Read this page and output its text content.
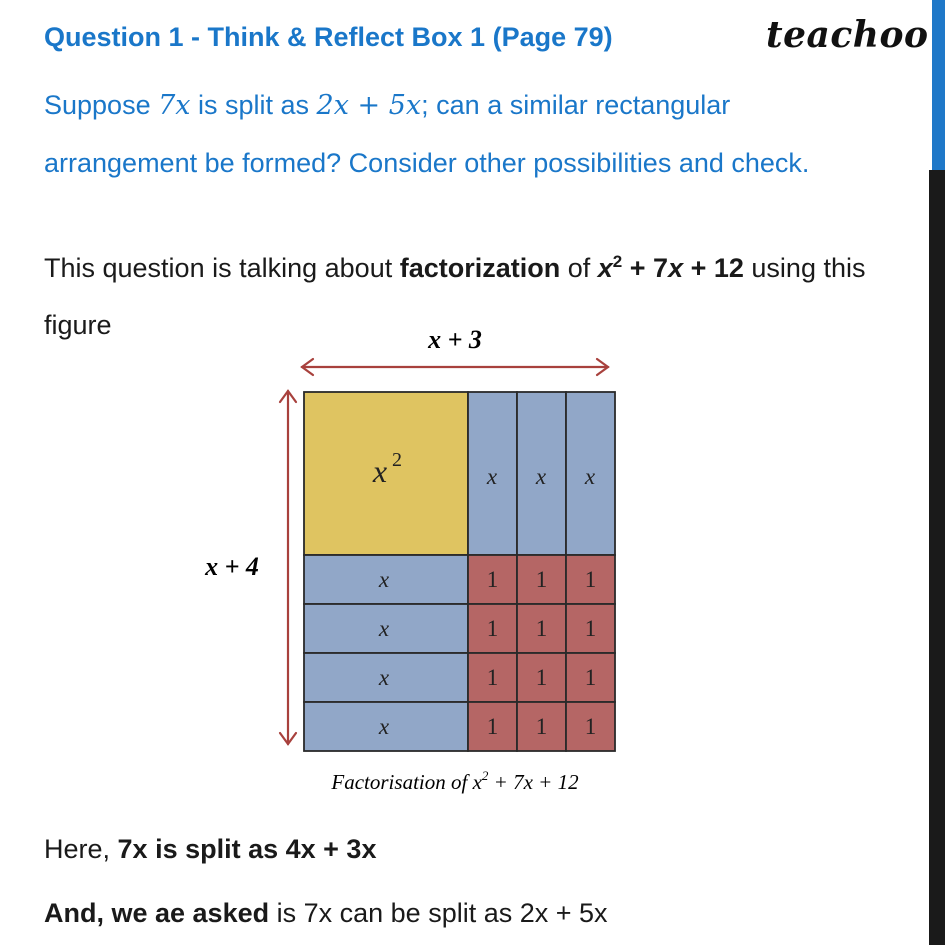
Question 1 - Think & Reflect Box 1 (Page 79)	teachoo
Suppose 7x is split as 2x + 5x; can a similar rectangular
arrangement be formed? Consider other possibilities and check.
This question is talking about factorization of $x^2 + 7x + 12$ using this
figure	x + 3
x + 4
x 2
x x x
x
x
x
x
1 1 1
1 1 1
1 1 1
1 1 1
Factorisation of $x^2 + 7x + 12$
Here, 7x is split as 4x + 3x
And, we ae asked is 7x can be split as 2x + 5x
